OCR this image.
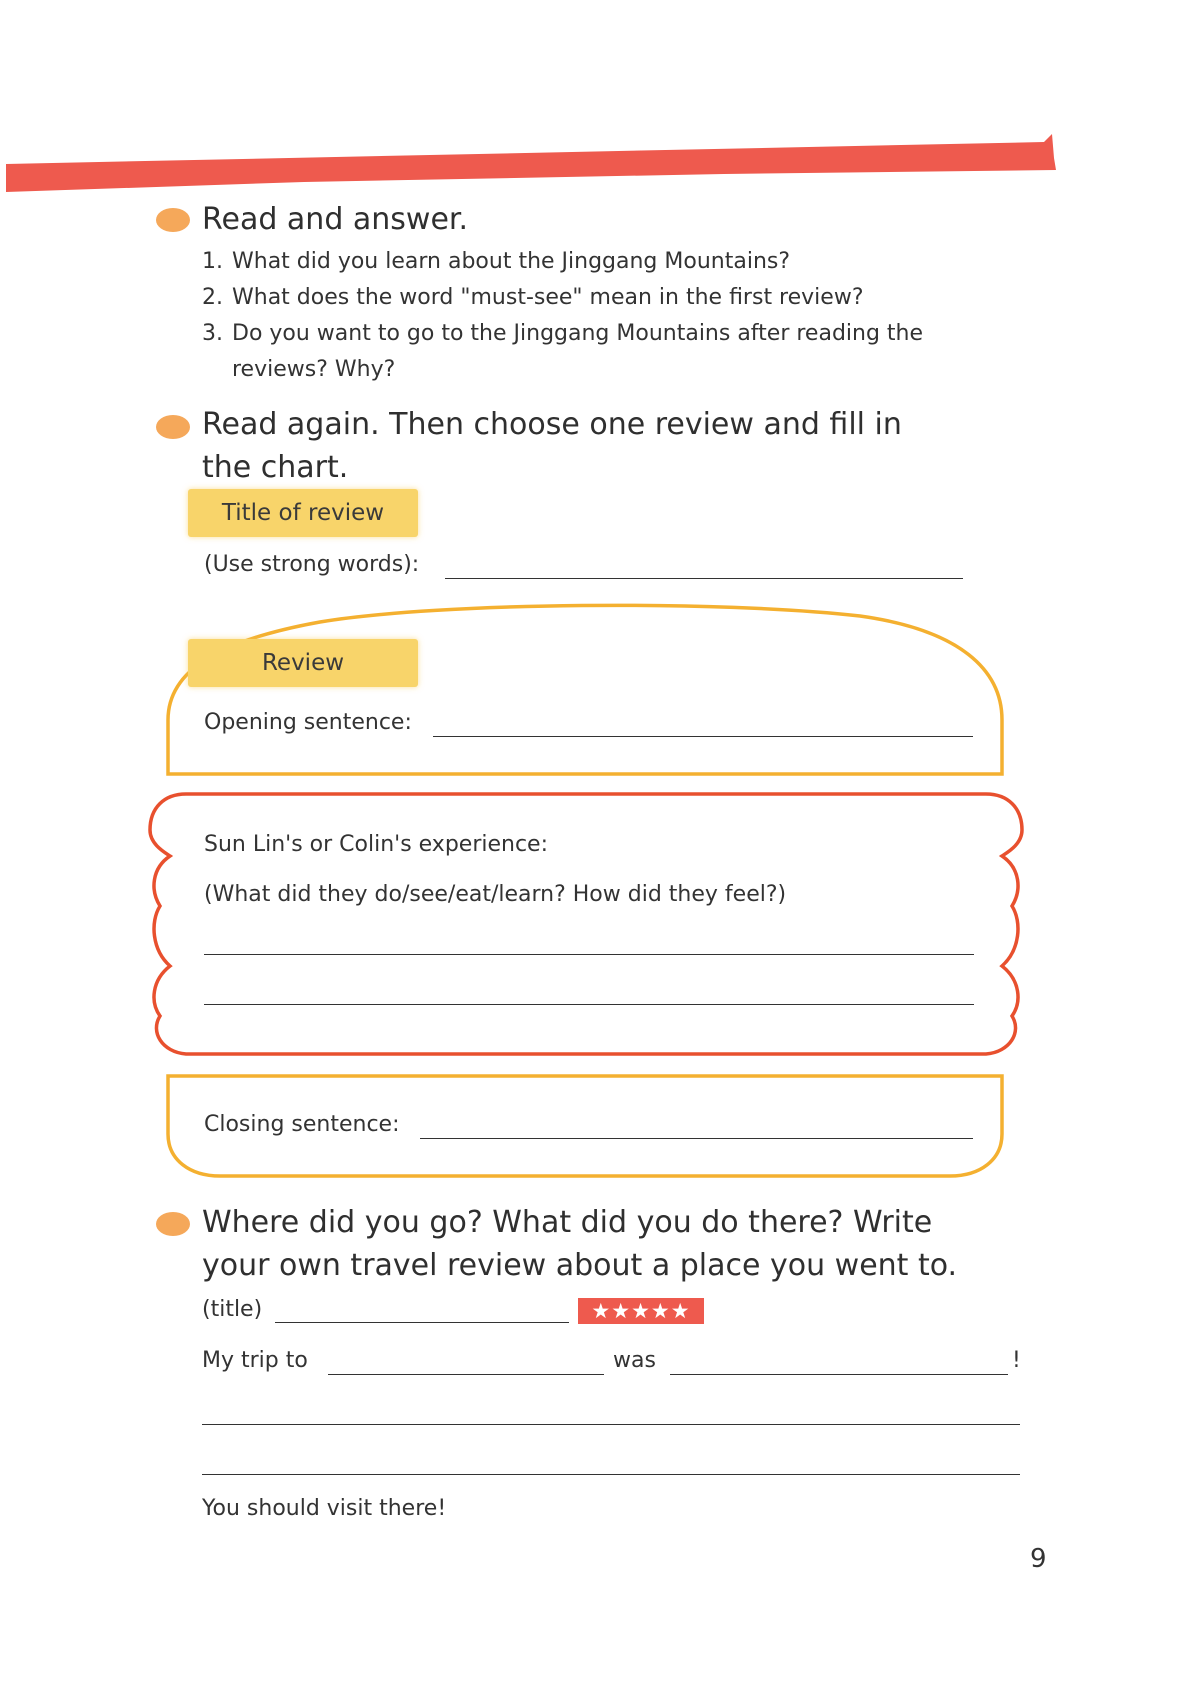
Read and answer.
1. What did you learn about the Jinggang Mountains?
2. What does the word "must-see" mean in the first review?
3. Do you want to go to the Jinggang Mountains after reading the
reviews? Why?
Read again. Then choose one review and fill in
the chart.
Title of review
(Use strong words):
Review
Opening sentence:
Sun Lin's or Colin's experience:
(What did they do/see/eat/learn? How did they feel?)
Closing sentence:
Where did you go? What did you do there? Write
your own travel review about a place you went to.
(title)	★★★★★
My trip to	was	!
You should visit there!
9
